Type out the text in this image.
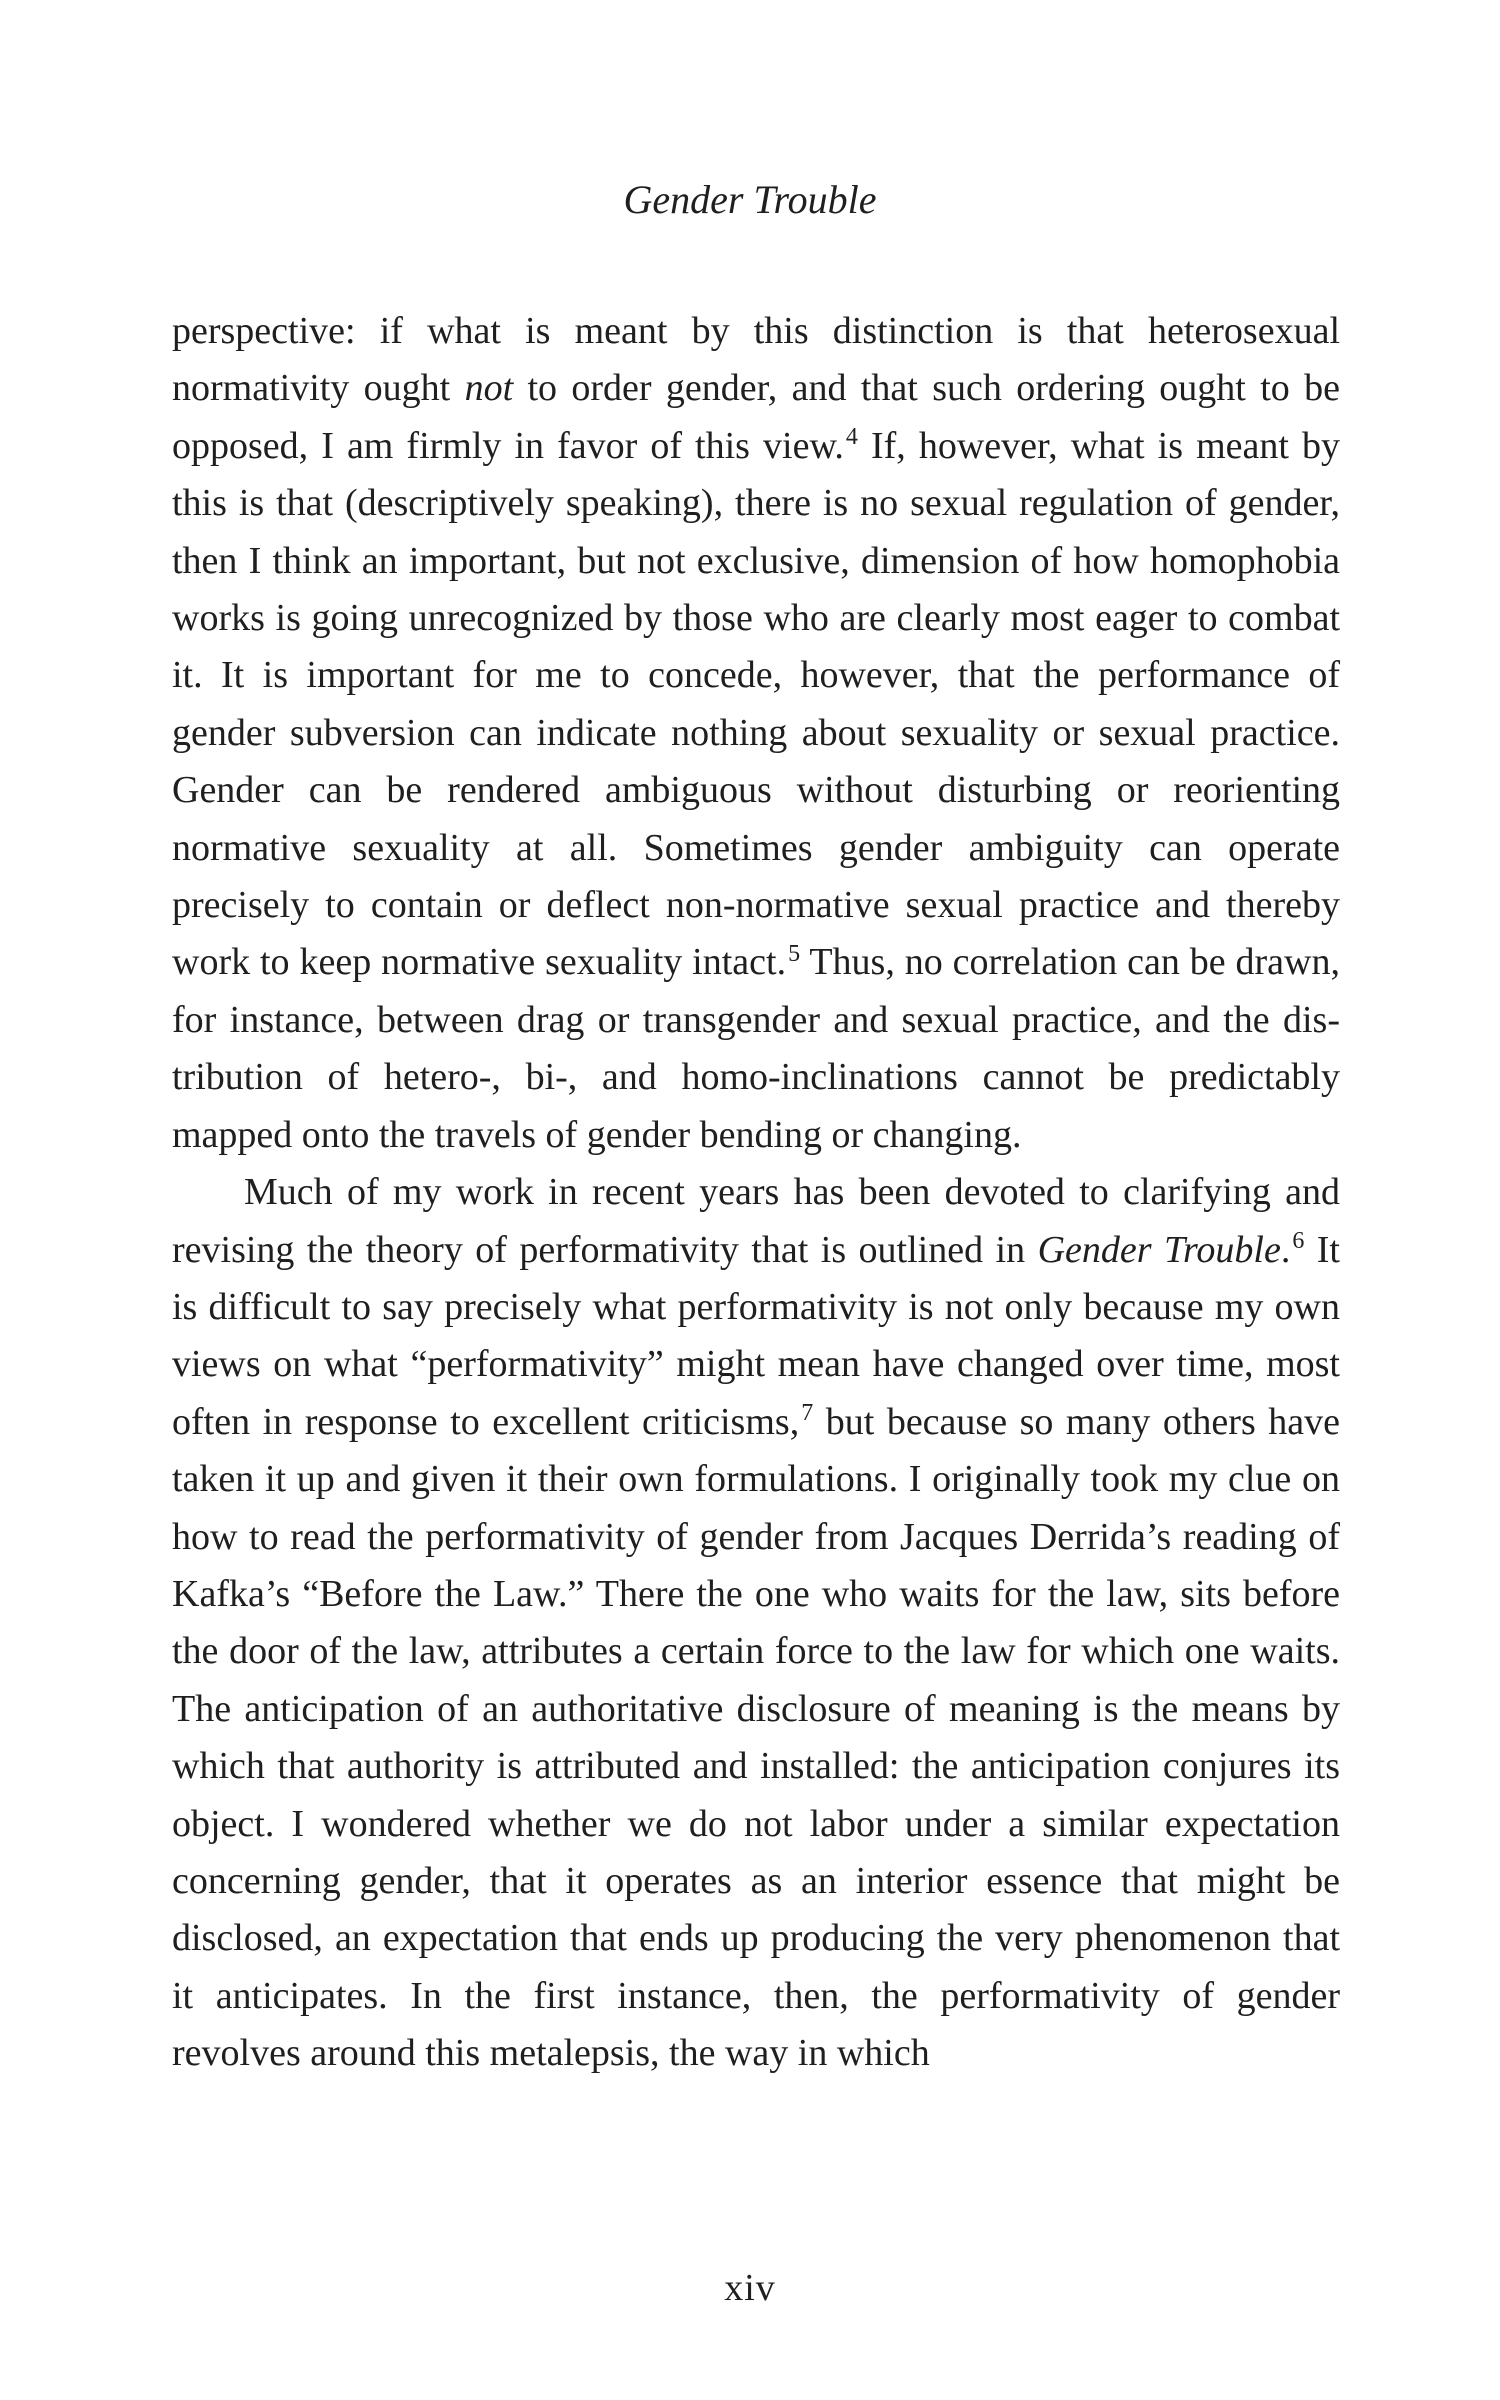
Gender Trouble

perspective: if what is meant by this distinction is that heterosexual normativity ought not to order gender, and that such ordering ought to be opposed, I am firmly in favor of this view.$^4$ If, however, what is meant by this is that (descriptively speaking), there is no sexual regulation of gender, then I think an important, but not exclusive, dimension of how homophobia works is going unrecognized by those who are clearly most eager to combat it. It is important for me to concede, however, that the performance of gender subversion can indicate nothing about sexuality or sexual practice. Gender can be rendered ambiguous without disturbing or reorienting normative sexuality at all. Sometimes gender ambiguity can operate precisely to contain or deflect non-normative sexual practice and thereby work to keep normative sexuality intact.$^5$ Thus, no correlation can be drawn, for instance, between drag or transgender and sexual practice, and the distribution of hetero-, bi-, and homo-inclinations cannot be predictably mapped onto the travels of gender bending or changing.

Much of my work in recent years has been devoted to clarifying and revising the theory of performativity that is outlined in Gender Trouble.$^6$ It is difficult to say precisely what performativity is not only because my own views on what “performativity” might mean have changed over time, most often in response to excellent criticisms,$^7$ but because so many others have taken it up and given it their own formulations. I originally took my clue on how to read the performativity of gender from Jacques Derrida’s reading of Kafka’s “Before the Law.” There the one who waits for the law, sits before the door of the law, attributes a certain force to the law for which one waits. The anticipation of an authoritative disclosure of meaning is the means by which that authority is attributed and installed: the anticipation conjures its object. I wondered whether we do not labor under a similar expectation concerning gender, that it operates as an interior essence that might be disclosed, an expectation that ends up producing the very phenomenon that it anticipates. In the first instance, then, the performativity of gender revolves around this metalepsis, the way in which

xiv
